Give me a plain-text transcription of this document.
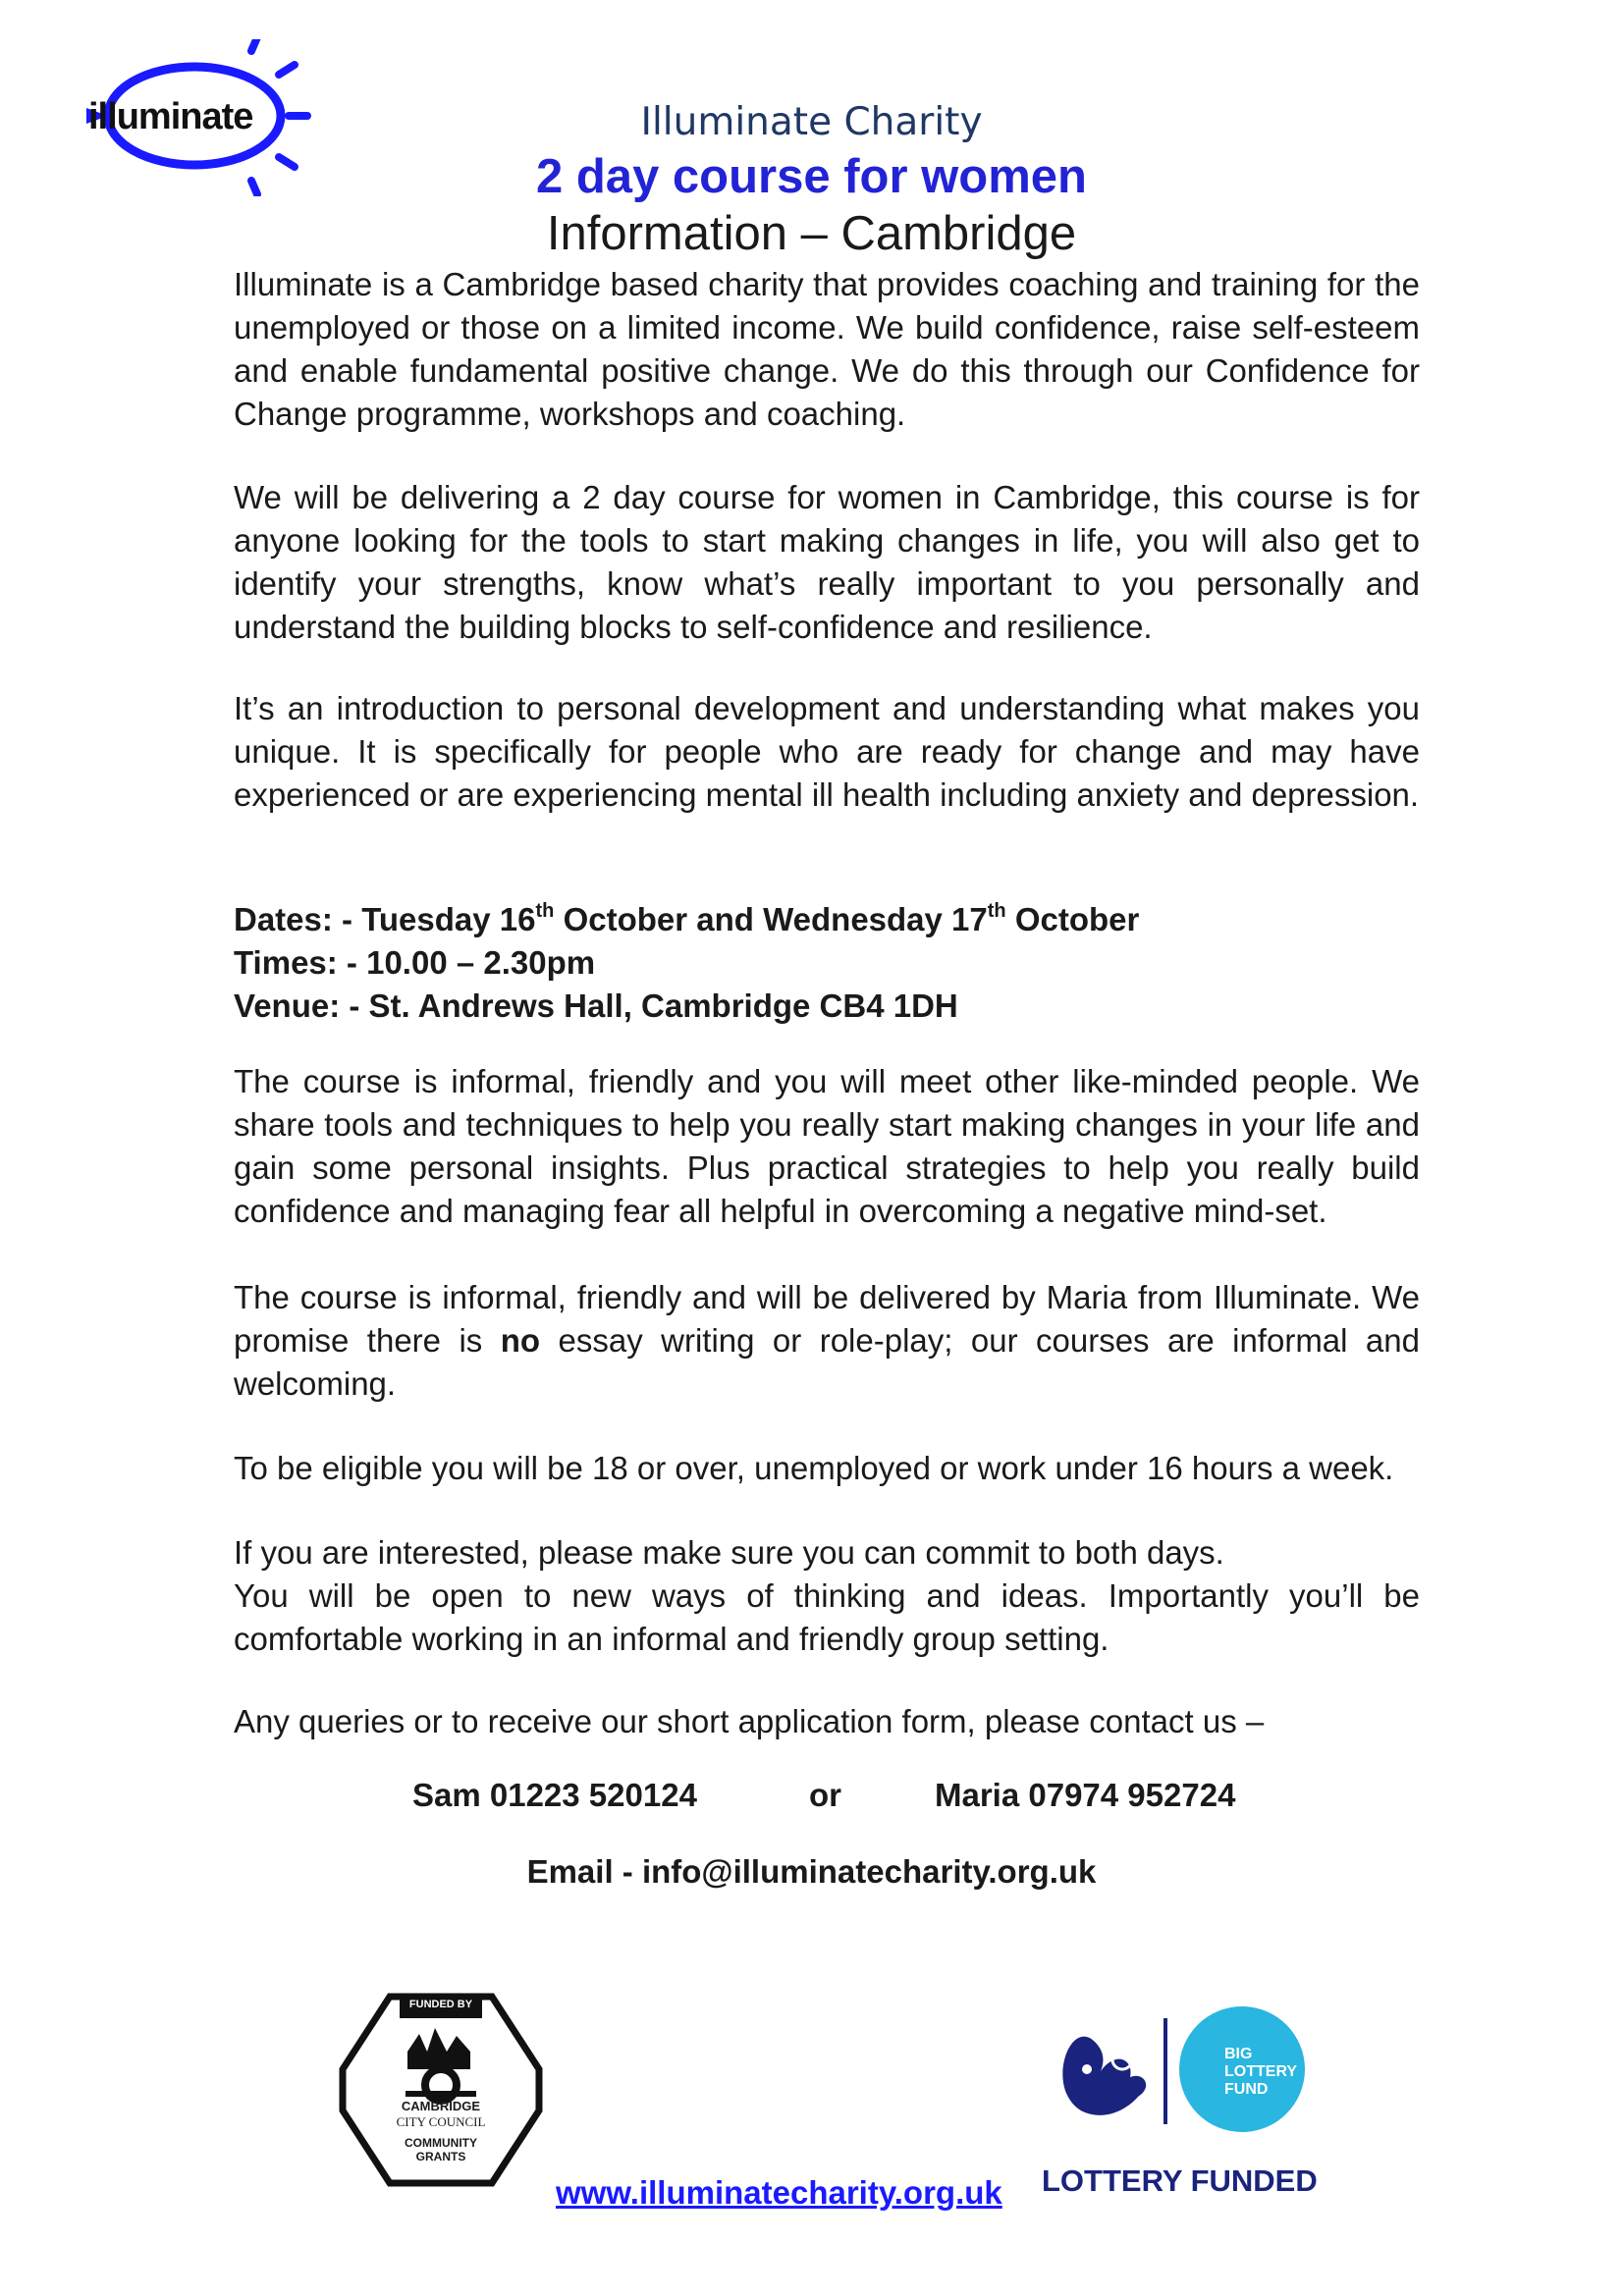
illuminate	Illuminate Charity
2 day course for women
Information – Cambridge

Illuminate is a Cambridge based charity that provides coaching and training for the unemployed or those on a limited income. We build confidence, raise self-esteem and enable fundamental positive change. We do this through our Confidence for Change programme, workshops and coaching.

We will be delivering a 2 day course for women in Cambridge, this course is for anyone looking for the tools to start making changes in life, you will also get to identify your strengths, know what’s really important to you personally and understand the building blocks to self-confidence and resilience.

It’s an introduction to personal development and understanding what makes you unique. It is specifically for people who are ready for change and may have experienced or are experiencing mental ill health including anxiety and depression.

Dates: - Tuesday 16th October and Wednesday 17th October
Times: - 10.00 – 2.30pm
Venue: - St. Andrews Hall, Cambridge CB4 1DH

The course is informal, friendly and you will meet other like-minded people. We share tools and techniques to help you really start making changes in your life and gain some personal insights. Plus practical strategies to help you really build confidence and managing fear all helpful in overcoming a negative mind-set.

The course is informal, friendly and will be delivered by Maria from Illuminate. We promise there is no essay writing or role-play; our courses are informal and welcoming.

To be eligible you will be 18 or over, unemployed or work under 16 hours a week.

If you are interested, please make sure you can commit to both days.

You will be open to new ways of thinking and ideas. Importantly you’ll be comfortable working in an informal and friendly group setting.

Any queries or to receive our short application form, please contact us –

Sam 01223 520124	or	Maria 07974 952724
Email - info@illuminatecharity.org.uk
FUNDED BY
CAMBRIDGE
CITY COUNCIL
COMMUNITY
GRANTS
www.illuminatecharity.org.uk
BIG
LOTTERY
FUND
LOTTERY FUNDED
